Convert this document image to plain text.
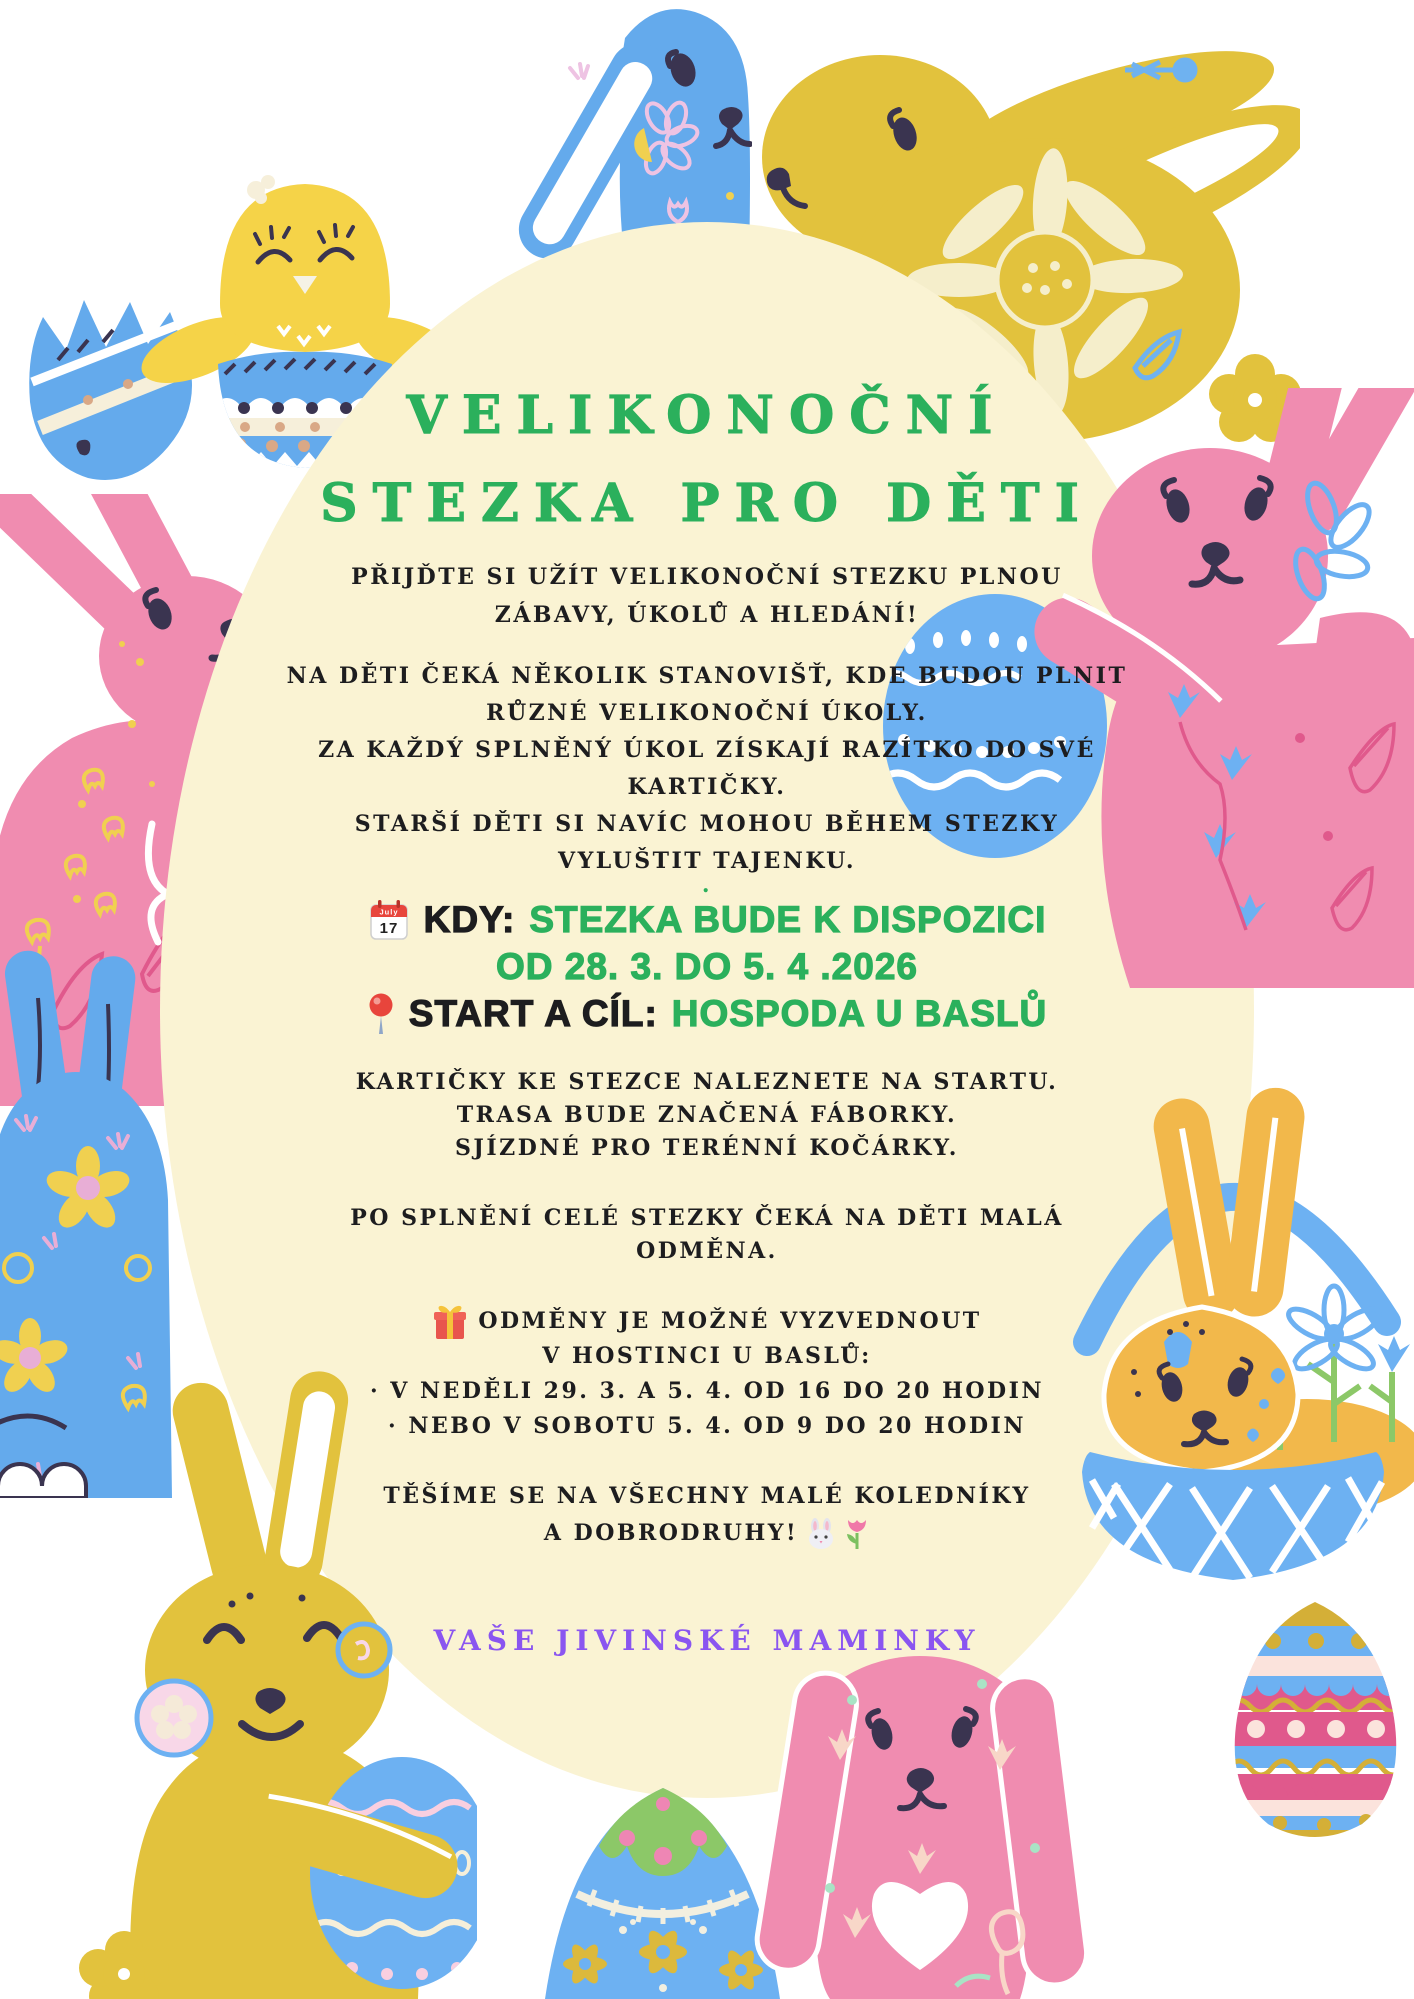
VELIKONOČNÍ
STEZKA PRO DĚTI
PŘIJĎTE SI UŽÍT VELIKONOČNÍ STEZKU PLNOU
ZÁBAVY, ÚKOLŮ A HLEDÁNÍ!
NA DĚTI ČEKÁ NĚKOLIK STANOVIŠŤ, KDE BUDOU PLNIT
RŮZNÉ VELIKONOČNÍ ÚKOLY.
ZA KAŽDÝ SPLNĚNÝ ÚKOL ZÍSKAJÍ RAZÍTKO DO SVÉ
KARTIČKY.
STARŠÍ DĚTI SI NAVÍC MOHOU BĚHEM STEZKY
VYLUŠTIT TAJENKU.
.
July
17 KDY: STEZKA BUDE K DISPOZICI
OD 28. 3. DO 5. 4 .2026
START A CÍL: HOSPODA U BASLŮ
KARTIČKY KE STEZCE NALEZNETE NA STARTU.
TRASA BUDE ZNAČENÁ FÁBORKY.
SJÍZDNÉ PRO TERÉNNÍ KOČÁRKY.
PO SPLNĚNÍ CELÉ STEZKY ČEKÁ NA DĚTI MALÁ
ODMĚNA.
ODMĚNY JE MOŽNÉ VYZVEDNOUT
V HOSTINCI U BASLŮ:
· V NEDĚLI 29. 3. A 5. 4. OD 16 DO 20 HODIN
· NEBO V SOBOTU 5. 4. OD 9 DO 20 HODIN
TĚŠÍME SE NA VŠECHNY MALÉ KOLEDNÍKY
A DOBRODRUHY!
VAŠE JIVINSKÉ MAMINKY
